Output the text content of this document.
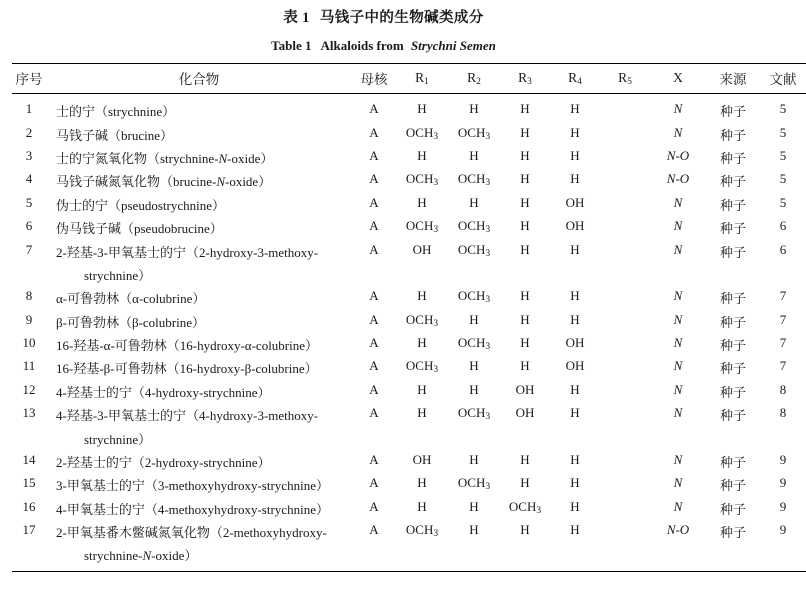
表 1 马钱子中的生物碱类成分
Table 1 Alkaloids from Strychni Semen
序号	化合物	母核	$R_1$	$R_2$	$R_3$	$R_4$	$R_5$	X	来源	文献
1	士的宁（strychnine）	A	H	H	H	H		N	种子	5
2	马钱子碱（brucine）	A	$OCH_3$	$OCH_3$	H	H		N	种子	5
3	士的宁氮氧化物（strychnine-N-oxide）	A	H	H	H	H		N-O	种子	5
4	马钱子碱氮氧化物（brucine-N-oxide）	A	$OCH_3$	$OCH_3$	H	H		N-O	种子	5
5	伪士的宁（pseudostrychnine）	A	H	H	H	OH		N	种子	5
6	伪马钱子碱（pseudobrucine）	A	$OCH_3$	$OCH_3$	H	OH		N	种子	6
7	2-羟基-3-甲氧基士的宁（2-hydroxy-3-methoxy-	A	OH	$OCH_3$	H	H		N	种子	6
	strychnine）									
8	α-可鲁勃林（α-colubrine）	A	H	$OCH_3$	H	H		N	种子	7
9	β-可鲁勃林（β-colubrine）	A	$OCH_3$	H	H	H		N	种子	7
10	16-羟基-α-可鲁勃林（16-hydroxy-α-colubrine）	A	H	$OCH_3$	H	OH		N	种子	7
11	16-羟基-β-可鲁勃林（16-hydroxy-β-colubrine）	A	$OCH_3$	H	H	OH		N	种子	7
12	4-羟基士的宁（4-hydroxy-strychnine）	A	H	H	OH	H		N	种子	8
13	4-羟基-3-甲氧基士的宁（4-hydroxy-3-methoxy-	A	H	$OCH_3$	OH	H		N	种子	8
	strychnine）									
14	2-羟基士的宁（2-hydroxy-strychnine）	A	OH	H	H	H		N	种子	9
15	3-甲氧基士的宁（3-methoxyhydroxy-strychnine）	A	H	$OCH_3$	H	H		N	种子	9
16	4-甲氧基士的宁（4-methoxyhydroxy-strychnine）	A	H	H	$OCH_3$	H		N	种子	9
17	2-甲氧基番木鳖碱氮氧化物（2-methoxyhydroxy-	A	$OCH_3$	H	H	H		N-O	种子	9
	strychnine-N-oxide）									
